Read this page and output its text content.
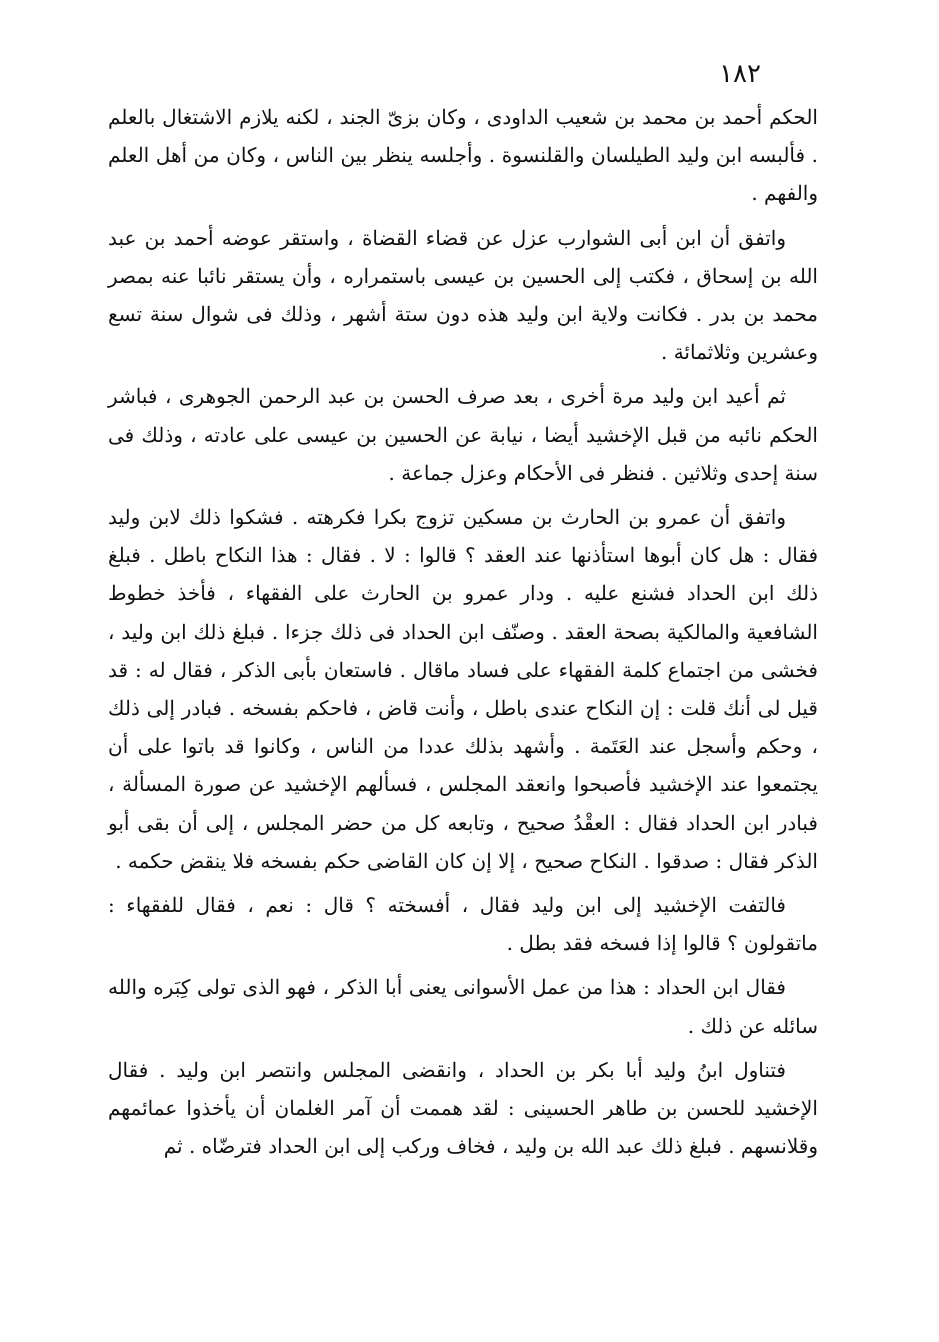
١٨٢

الحكم أحمد بن محمد بن شعيب الداودى ، وكان بزىّ الجند ، لكنه يلازم الاشتغال بالعلم . فألبسه ابن وليد الطيلسان والقلنسوة . وأجلسه ينظر بين الناس ، وكان من أهل العلم والفهم .

واتفق أن ابن أبى الشوارب عزل عن قضاء القضاة ، واستقر عوضه أحمد بن عبد الله بن إسحاق ، فكتب إلى الحسين بن عيسى باستمراره ، وأن يستقر نائبا عنه بمصر محمد بن بدر . فكانت ولاية ابن وليد هذه دون ستة أشهر ، وذلك فى شوال سنة تسع وعشرين وثلاثمائة .

ثم أعيد ابن وليد مرة أخرى ، بعد صرف الحسن بن عبد الرحمن الجوهرى ، فباشر الحكم نائبه من قبل الإخشيد أيضا ، نيابة عن الحسين بن عيسى على عادته ، وذلك فى سنة إحدى وثلاثين . فنظر فى الأحكام وعزل جماعة .

واتفق أن عمرو بن الحارث بن مسكين تزوج بكرا فكرهته . فشكوا ذلك لابن وليد فقال : هل كان أبوها استأذنها عند العقد ؟ قالوا : لا . فقال : هذا النكاح باطل . فبلغ ذلك ابن الحداد فشنع عليه . ودار عمرو بن الحارث على الفقهاء ، فأخذ خطوط الشافعية والمالكية بصحة العقد . وصنّف ابن الحداد فى ذلك جزءا . فبلغ ذلك ابن وليد ، فخشى من اجتماع كلمة الفقهاء على فساد ماقال . فاستعان بأبى الذكر ، فقال له : قد قيل لى أنك قلت : إن النكاح عندى باطل ، وأنت قاض ، فاحكم بفسخه . فبادر إلى ذلك ، وحكم وأسجل عند العَتَمة . وأشهد بذلك عددا من الناس ، وكانوا قد باتوا على أن يجتمعوا عند الإخشيد فأصبحوا وانعقد المجلس ، فسألهم الإخشيد عن صورة المسألة ، فبادر ابن الحداد فقال : العقْدُ صحيح ، وتابعه كل من حضر المجلس ، إلى أن بقى أبو الذكر فقال : صدقوا . النكاح صحيح ، إلا إن كان القاضى حكم بفسخه فلا ينقض حكمه .

فالتفت الإخشيد إلى ابن وليد فقال ، أفسخته ؟ قال : نعم ، فقال للفقهاء : ماتقولون ؟ قالوا إذا فسخه فقد بطل .

فقال ابن الحداد : هذا من عمل الأسوانى يعنى أبا الذكر ، فهو الذى تولى كِبَره والله سائله عن ذلك .

فتناول ابنُ وليد أبا بكر بن الحداد ، وانقضى المجلس وانتصر ابن وليد . فقال الإخشيد للحسن بن طاهر الحسينى : لقد هممت أن آمر الغلمان أن يأخذوا عمائمهم وقلانسهم . فبلغ ذلك عبد الله بن وليد ، فخاف وركب إلى ابن الحداد فترضّاه . ثم
